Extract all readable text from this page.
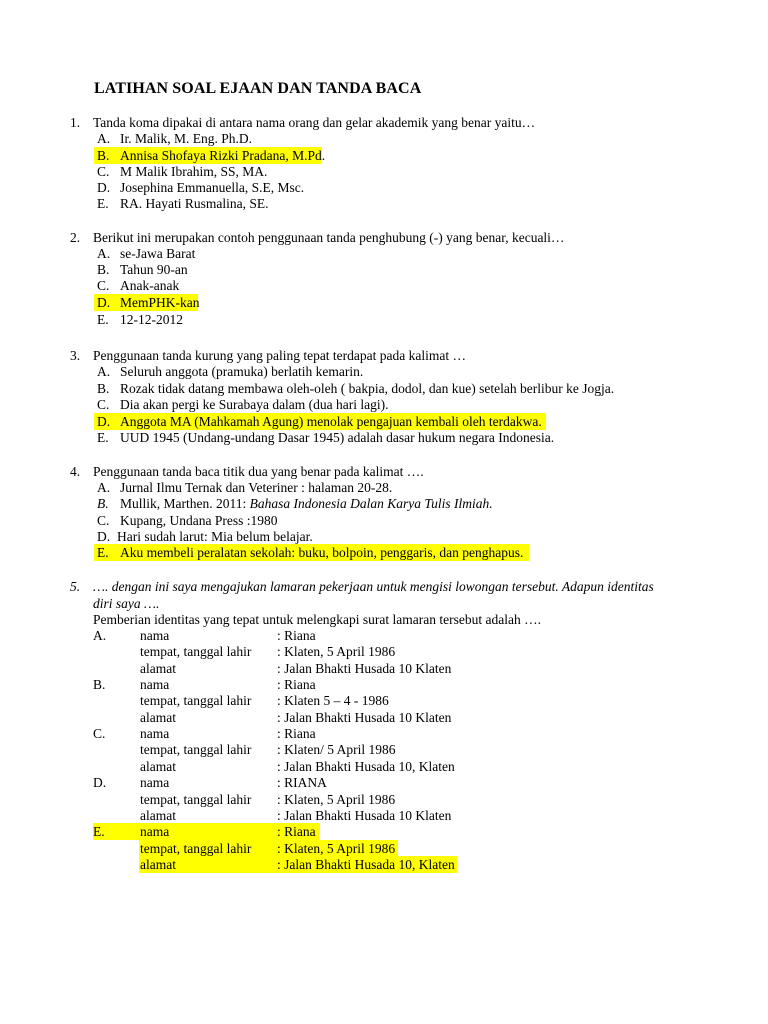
LATIHAN SOAL EJAAN DAN TANDA BACA
1. Tanda koma dipakai di antara nama orang dan gelar akademik yang benar yaitu…
A. Ir. Malik, M. Eng. Ph.D.
B. Annisa Shofaya Rizki Pradana, M.Pd.
C. M Malik Ibrahim, SS, MA.
D. Josephina Emmanuella, S.E, Msc.
E. RA. Hayati Rusmalina, SE.
2. Berikut ini merupakan contoh penggunaan tanda penghubung (-) yang benar, kecuali…
A. se-Jawa Barat
B. Tahun 90-an
C. Anak-anak
D. MemPHK-kan
E. 12-12-2012
3. Penggunaan tanda kurung yang paling tepat terdapat pada kalimat …
A. Seluruh anggota (pramuka) berlatih kemarin.
B. Rozak tidak datang membawa oleh-oleh ( bakpia, dodol, dan kue) setelah berlibur ke Jogja.
C. Dia akan pergi ke Surabaya dalam (dua hari lagi).
D. Anggota MA (Mahkamah Agung) menolak pengajuan kembali oleh terdakwa.
E. UUD 1945 (Undang-undang Dasar 1945) adalah dasar hukum negara Indonesia.
4. Penggunaan tanda baca titik dua yang benar pada kalimat ….
A. Jurnal Ilmu Ternak dan Veteriner : halaman 20-28.
B. Mullik, Marthen. 2011: Bahasa Indonesia Dalan Karya Tulis Ilmiah.
C. Kupang, Undana Press :1980
D. Hari sudah larut: Mia belum belajar.
E. Aku membeli peralatan sekolah: buku, bolpoin, penggaris, dan penghapus.
5. …. dengan ini saya mengajukan lamaran pekerjaan untuk mengisi lowongan tersebut. Adapun identitas
diri saya ….
Pemberian identitas yang tepat untuk melengkapi surat lamaran tersebut adalah ….
A.	nama	: Riana
tempat, tanggal lahir : Klaten, 5 April 1986
alamat	: Jalan Bhakti Husada 10 Klaten
B.	nama	: Riana
tempat, tanggal lahir : Klaten 5 – 4 - 1986
alamat	: Jalan Bhakti Husada 10 Klaten
C.	nama	: Riana
tempat, tanggal lahir : Klaten/ 5 April 1986
alamat	: Jalan Bhakti Husada 10, Klaten
D.	nama	: RIANA
tempat, tanggal lahir : Klaten, 5 April 1986
alamat	: Jalan Bhakti Husada 10 Klaten
E.	nama	: Riana
tempat, tanggal lahir : Klaten, 5 April 1986
alamat	: Jalan Bhakti Husada 10, Klaten
